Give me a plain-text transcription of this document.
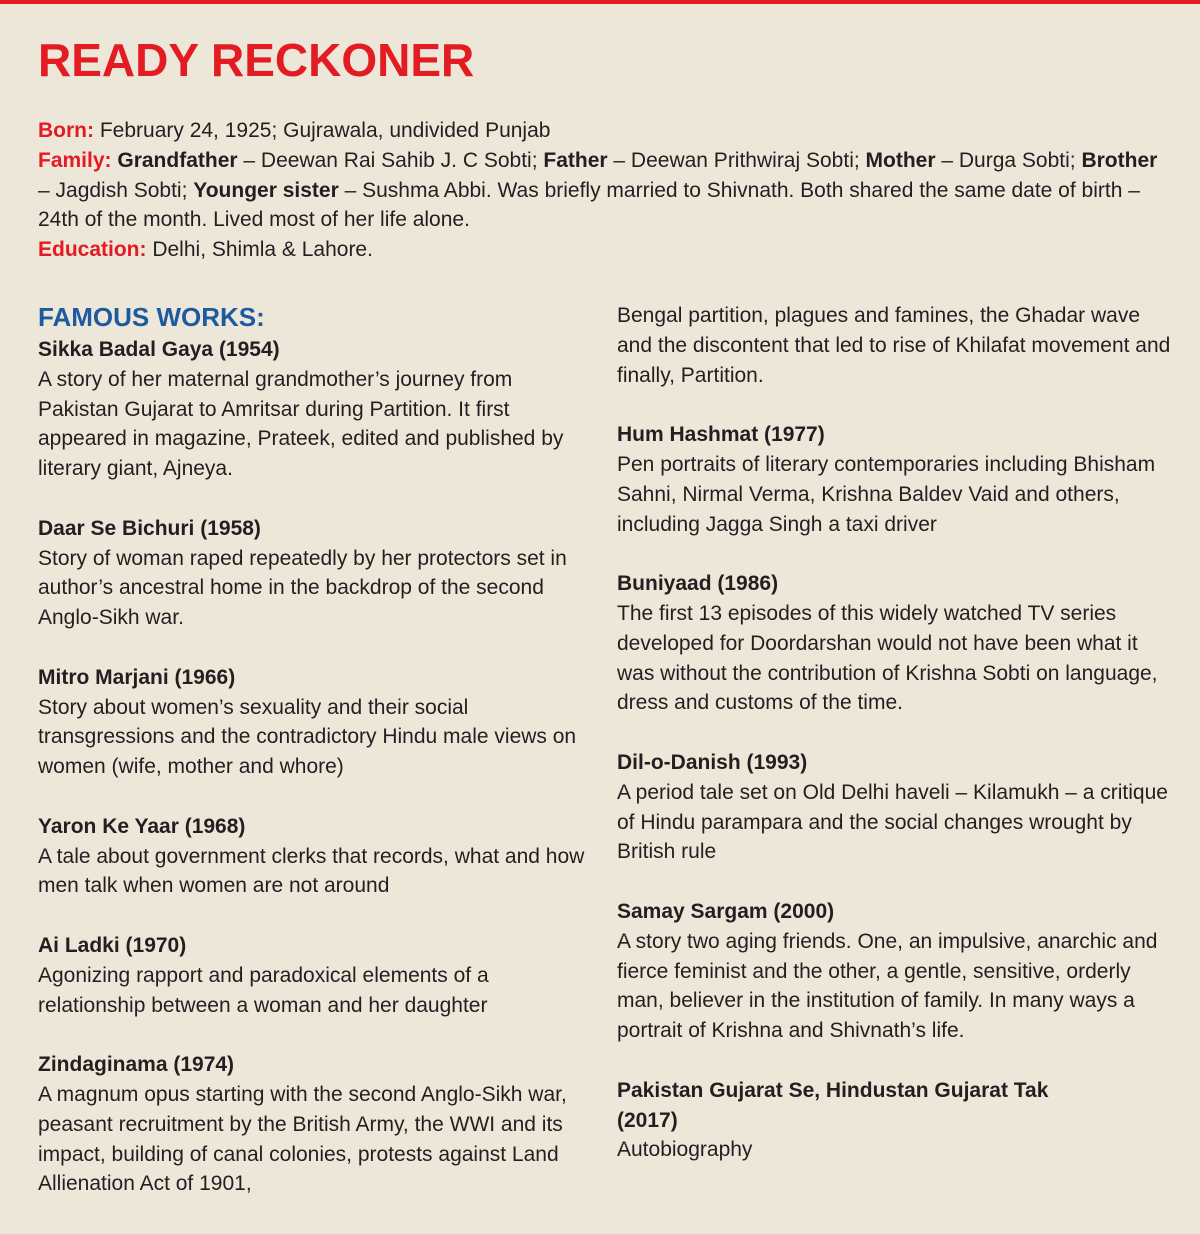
READY RECKONER

Born: February 24, 1925; Gujrawala, undivided Punjab

Family: Grandfather – Deewan Rai Sahib J. C Sobti; Father – Deewan Prithwiraj Sobti; Mother – Durga Sobti; Brother – Jagdish Sobti; Younger sister – Sushma Abbi. Was briefly married to Shivnath. Both shared the same date of birth – 24th of the month. Lived most of her life alone.

Education: Delhi, Shimla & Lahore.

FAMOUS WORKS:

Sikka Badal Gaya (1954)

A story of her maternal grandmother’s journey from Pakistan Gujarat to Amritsar during Partition. It first appeared in magazine, Prateek, edited and published by literary giant, Ajneya.

Daar Se Bichuri (1958)

Story of woman raped repeatedly by her protectors set in author’s ancestral home in the backdrop of the second Anglo-Sikh war.

Mitro Marjani (1966)

Story about women’s sexuality and their social transgressions and the contradictory Hindu male views on women (wife, mother and whore)

Yaron Ke Yaar (1968)

A tale about government clerks that records, what and how men talk when women are not around

Ai Ladki (1970)

Agonizing rapport and paradoxical elements of a relationship between a woman and her daughter

Zindaginama (1974)

A magnum opus starting with the second Anglo-Sikh war, peasant recruitment by the British Army, the WWI and its impact, building of canal colonies, protests against Land Allienation Act of 1901,

Bengal partition, plagues and famines, the Ghadar wave and the discontent that led to rise of Khilafat movement and finally, Partition.

Hum Hashmat (1977)

Pen portraits of literary contemporaries including Bhisham Sahni, Nirmal Verma, Krishna Baldev Vaid and others, including Jagga Singh a taxi driver

Buniyaad (1986)

The first 13 episodes of this widely watched TV series developed for Doordarshan would not have been what it was without the contribution of Krishna Sobti on language, dress and customs of the time.

Dil-o-Danish (1993)

A period tale set on Old Delhi haveli – Kilamukh – a critique of Hindu parampara and the social changes wrought by British rule

Samay Sargam (2000)

A story two aging friends. One, an impulsive, anarchic and fierce feminist and the other, a gentle, sensitive, orderly man, believer in the institution of family. In many ways a portrait of Krishna and Shivnath’s life.

Pakistan Gujarat Se, Hindustan Gujarat Tak (2017)

Autobiography
